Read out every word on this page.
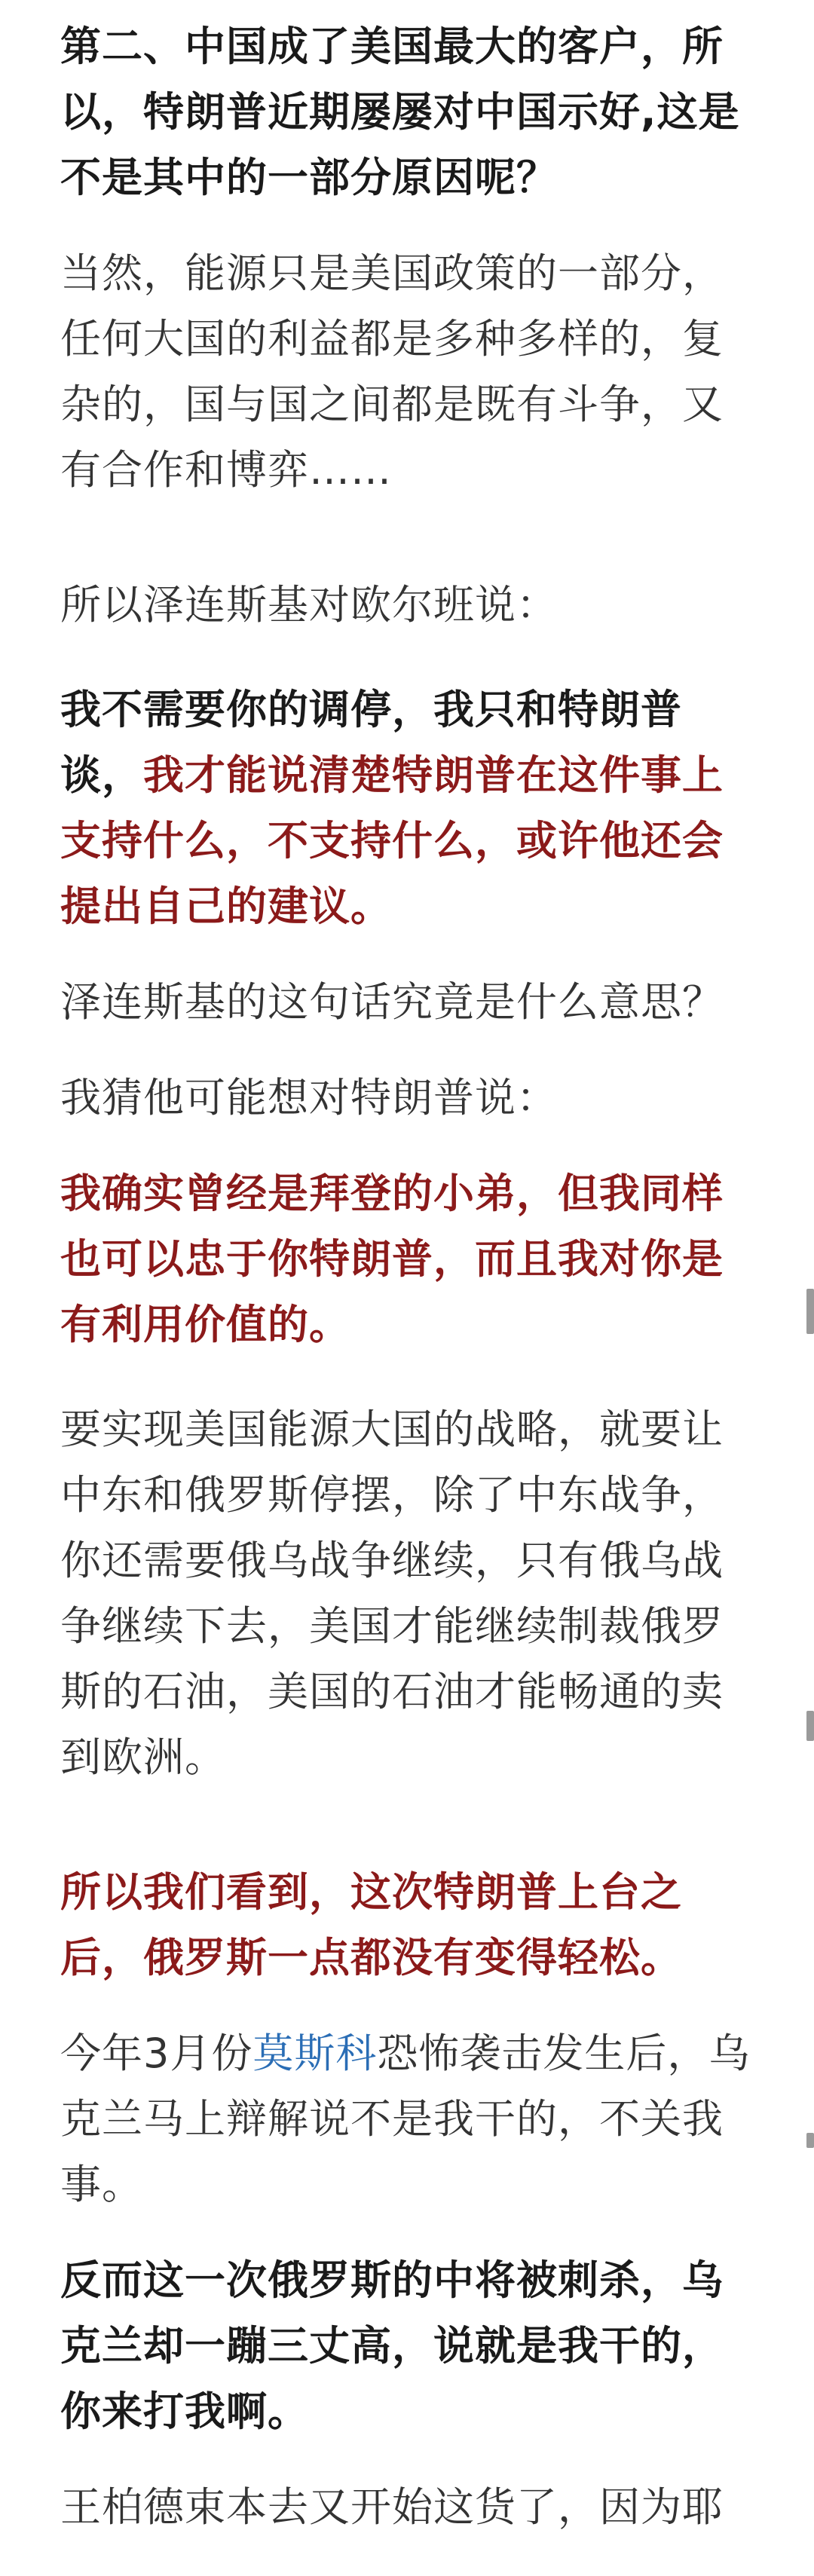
第二、中国成了美国最大的客户，所以，特朗普近期屡屡对中国示好,这是不是其中的一部分原因呢？

当然，能源只是美国政策的一部分，任何大国的利益都是多种多样的，复杂的，国与国之间都是既有斗争，又有合作和博弈……

所以泽连斯基对欧尔班说：

我不需要你的调停，我只和特朗普谈，我才能说清楚特朗普在这件事上支持什么，不支持什么，或许他还会提出自己的建议。

泽连斯基的这句话究竟是什么意思？

我猜他可能想对特朗普说：

我确实曾经是拜登的小弟，但我同样也可以忠于你特朗普，而且我对你是有利用价值的。

要实现美国能源大国的战略，就要让中东和俄罗斯停摆，除了中东战争，你还需要俄乌战争继续，只有俄乌战争继续下去，美国才能继续制裁俄罗斯的石油，美国的石油才能畅通的卖到欧洲。

所以我们看到，这次特朗普上台之后，俄罗斯一点都没有变得轻松。

今年3月份莫斯科恐怖袭击发生后，乌克兰马上辩解说不是我干的，不关我事。

反而这一次俄罗斯的中将被刺杀，乌克兰却一蹦三丈高，说就是我干的，你来打我啊。

王柏德束本去又开始这货了，因为耶
